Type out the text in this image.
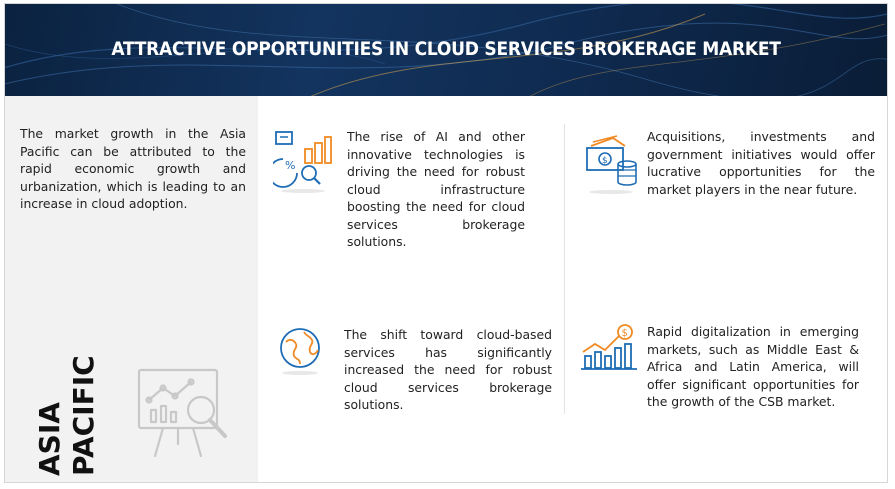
ATTRACTIVE OPPORTUNITIES IN CLOUD SERVICES BROKERAGE MARKET
The market growth in the Asia Pacific can be attributed to the rapid economic growth and urbanization, which is leading to an increase in cloud adoption.
ASIA PACIFIC
%
The rise of AI and other innovative technologies is driving the need for robust cloud infrastructure boosting the need for cloud services brokerage solutions.
$
Acquisitions, investments and government initiatives would offer lucrative opportunities for the market players in the near future.
The shift toward cloud-based services has significantly increased the need for robust cloud services brokerage solutions.
$ Rapid digitalization in emerging markets, such as Middle East & Africa and Latin America, will offer significant opportunities for the growth of the CSB market.
